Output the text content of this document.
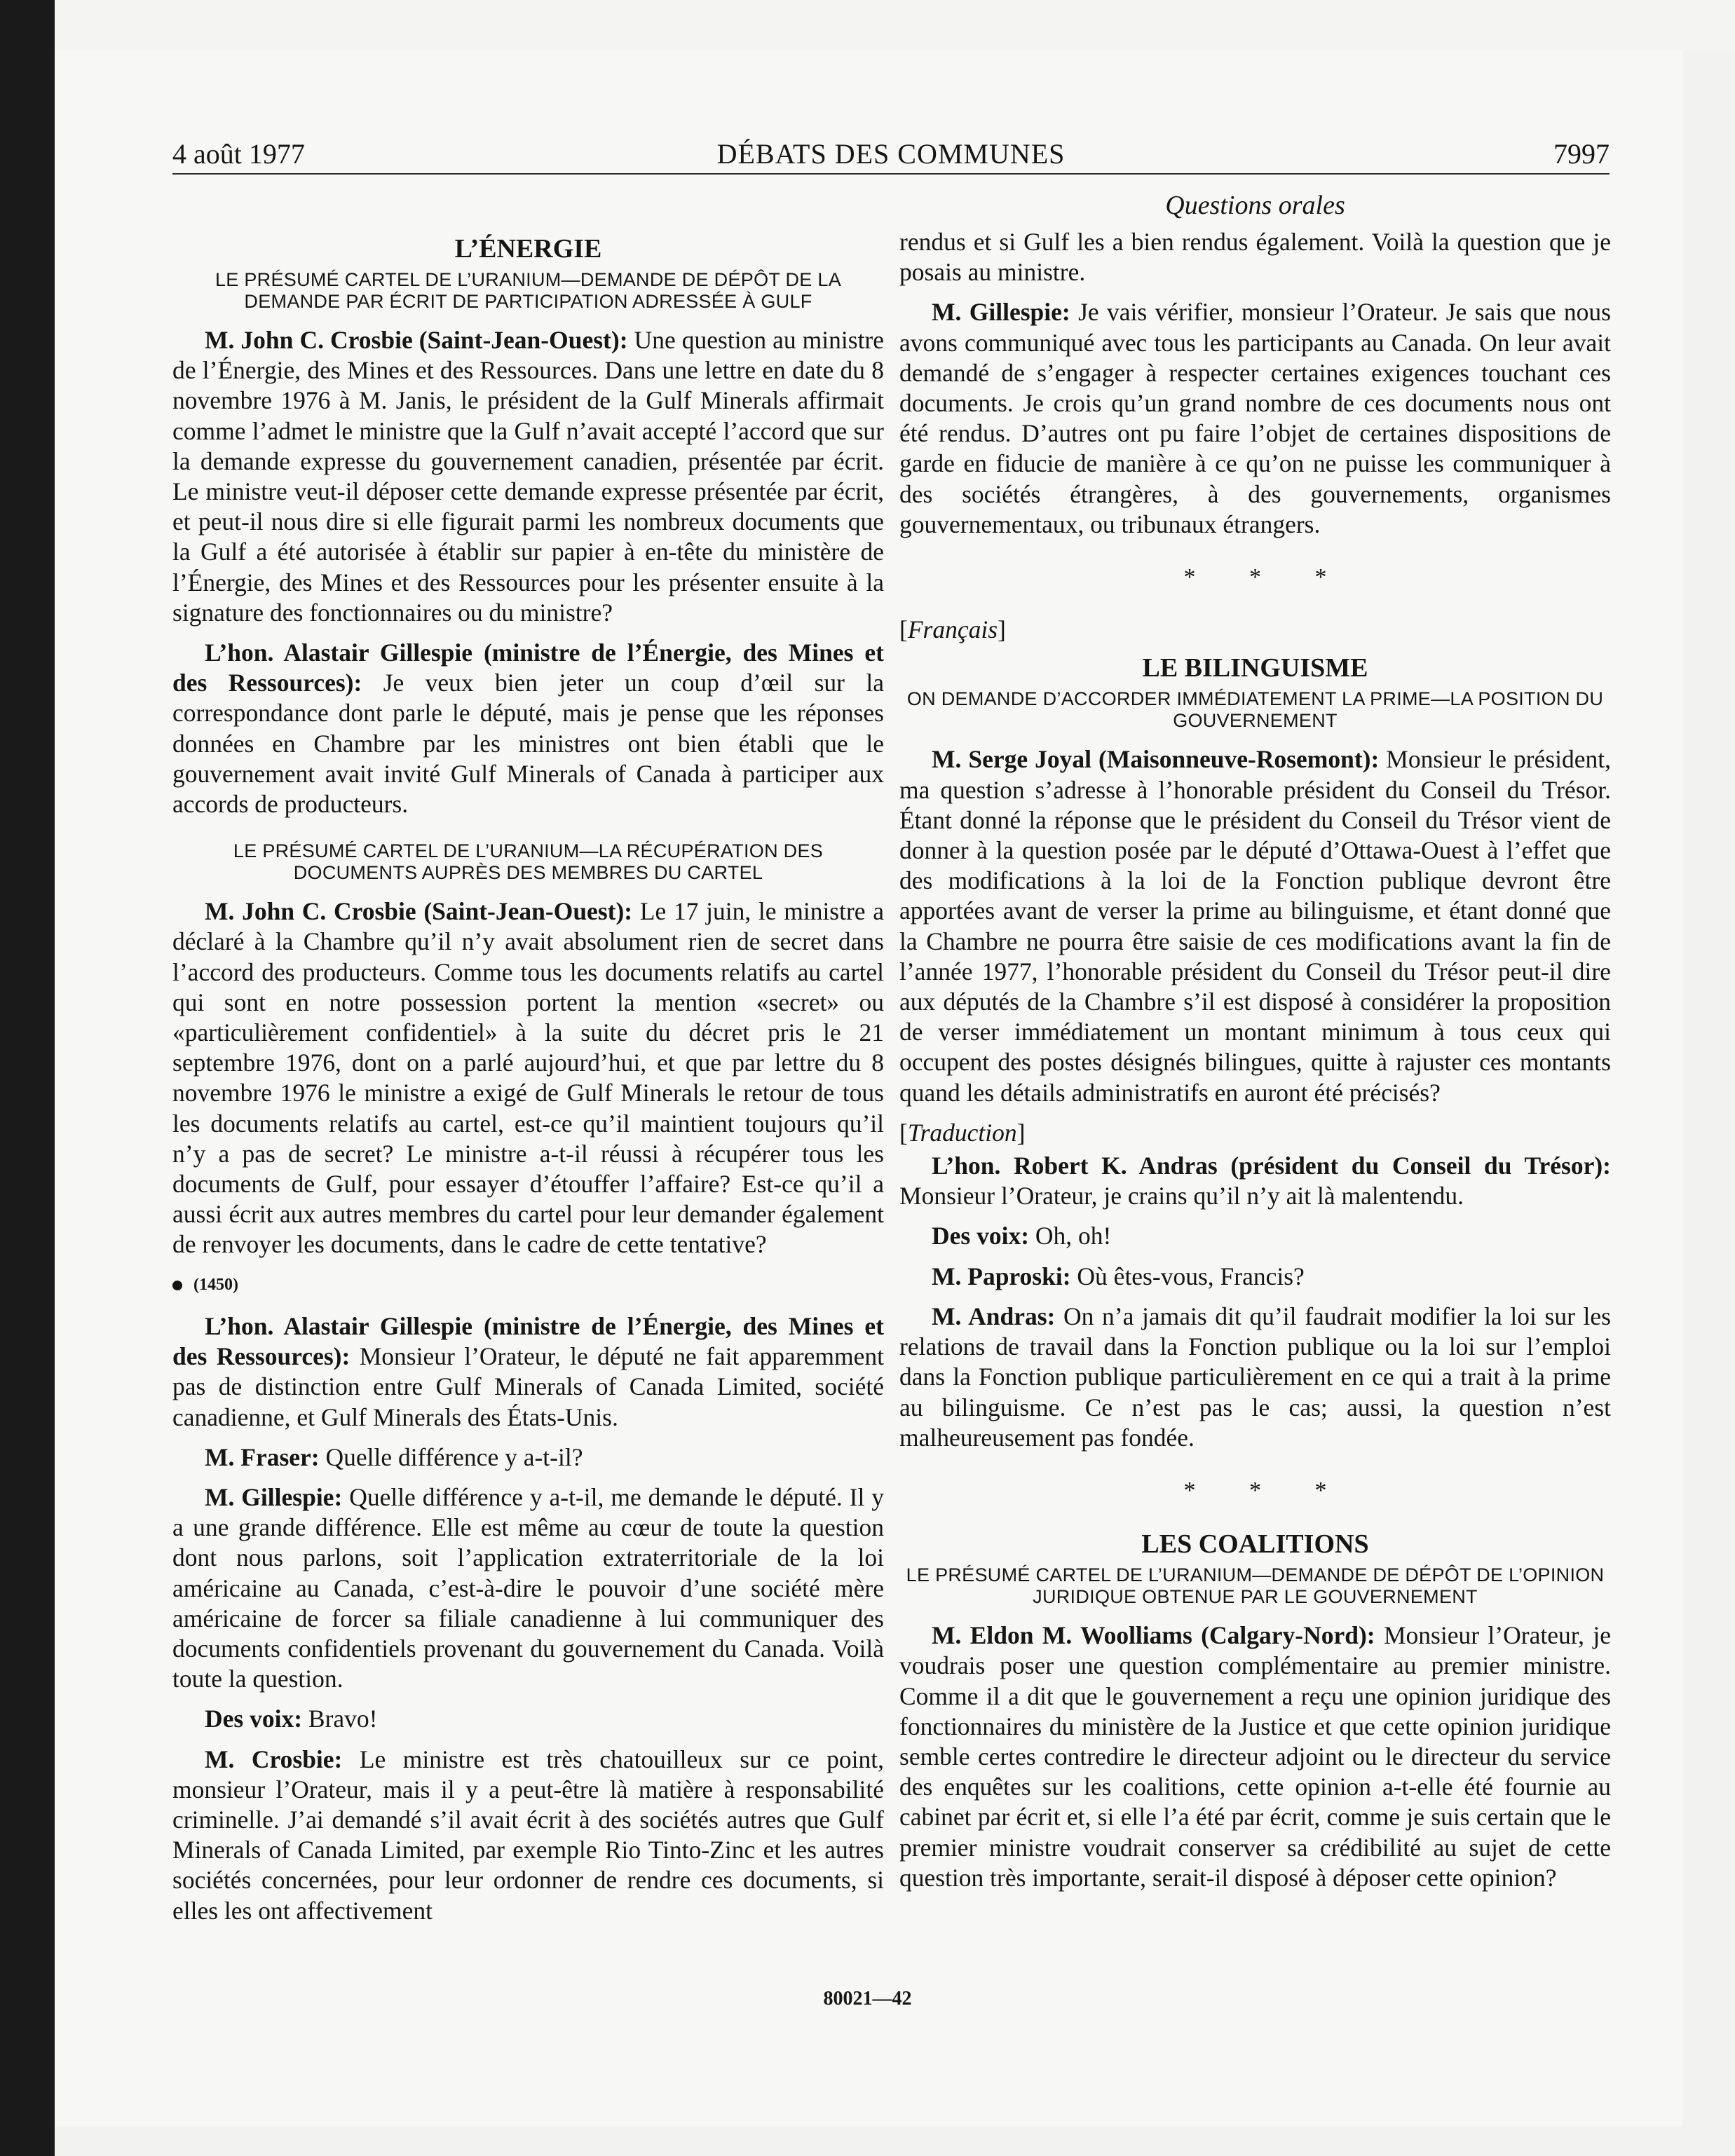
4 août 1977	DÉBATS DES COMMUNES	7997
L’ÉNERGIE
LE PRÉSUMÉ CARTEL DE L’URANIUM—DEMANDE DE DÉPÔT DE LA DEMANDE PAR ÉCRIT DE PARTICIPATION ADRESSÉE À GULF

M. John C. Crosbie (Saint-Jean-Ouest): Une question au ministre de l’Énergie, des Mines et des Ressources. Dans une lettre en date du 8 novembre 1976 à M. Janis, le président de la Gulf Minerals affirmait comme l’admet le ministre que la Gulf n’avait accepté l’accord que sur la demande expresse du gouvernement canadien, présentée par écrit. Le ministre veut-il déposer cette demande expresse présentée par écrit, et peut-il nous dire si elle figurait parmi les nombreux documents que la Gulf a été autorisée à établir sur papier à en-tête du ministère de l’Énergie, des Mines et des Ressources pour les présenter ensuite à la signature des fonctionnaires ou du ministre?

L’hon. Alastair Gillespie (ministre de l’Énergie, des Mines et des Ressources): Je veux bien jeter un coup d’œil sur la correspondance dont parle le député, mais je pense que les réponses données en Chambre par les ministres ont bien établi que le gouvernement avait invité Gulf Minerals of Canada à participer aux accords de producteurs.

LE PRÉSUMÉ CARTEL DE L’URANIUM—LA RÉCUPÉRATION DES DOCUMENTS AUPRÈS DES MEMBRES DU CARTEL

M. John C. Crosbie (Saint-Jean-Ouest): Le 17 juin, le ministre a déclaré à la Chambre qu’il n’y avait absolument rien de secret dans l’accord des producteurs. Comme tous les documents relatifs au cartel qui sont en notre possession portent la mention «secret» ou «particulièrement confidentiel» à la suite du décret pris le 21 septembre 1976, dont on a parlé aujourd’hui, et que par lettre du 8 novembre 1976 le ministre a exigé de Gulf Minerals le retour de tous les documents relatifs au cartel, est-ce qu’il maintient toujours qu’il n’y a pas de secret? Le ministre a-t-il réussi à récupérer tous les documents de Gulf, pour essayer d’étouffer l’affaire? Est-ce qu’il a aussi écrit aux autres membres du cartel pour leur demander également de renvoyer les documents, dans le cadre de cette tentative?

(1450)

L’hon. Alastair Gillespie (ministre de l’Énergie, des Mines et des Ressources): Monsieur l’Orateur, le député ne fait apparemment pas de distinction entre Gulf Minerals of Canada Limited, société canadienne, et Gulf Minerals des États-Unis.

M. Fraser: Quelle différence y a-t-il?

M. Gillespie: Quelle différence y a-t-il, me demande le député. Il y a une grande différence. Elle est même au cœur de toute la question dont nous parlons, soit l’application extraterritoriale de la loi américaine au Canada, c’est-à-dire le pouvoir d’une société mère américaine de forcer sa filiale canadienne à lui communiquer des documents confidentiels provenant du gouvernement du Canada. Voilà toute la question.

Des voix: Bravo!

M. Crosbie: Le ministre est très chatouilleux sur ce point, monsieur l’Orateur, mais il y a peut-être là matière à responsabilité criminelle. J’ai demandé s’il avait écrit à des sociétés autres que Gulf Minerals of Canada Limited, par exemple Rio Tinto-Zinc et les autres sociétés concernées, pour leur ordonner de rendre ces documents, si elles les ont affectivement

Questions orales

rendus et si Gulf les a bien rendus également. Voilà la question que je posais au ministre.

M. Gillespie: Je vais vérifier, monsieur l’Orateur. Je sais que nous avons communiqué avec tous les participants au Canada. On leur avait demandé de s’engager à respecter certaines exigences touchant ces documents. Je crois qu’un grand nombre de ces documents nous ont été rendus. D’autres ont pu faire l’objet de certaines dispositions de garde en fiducie de manière à ce qu’on ne puisse les communiquer à des sociétés étrangères, à des gouvernements, organismes gouvernementaux, ou tribunaux étrangers.

* * *

[ Français ]

LE BILINGUISME
ON DEMANDE D’ACCORDER IMMÉDIATEMENT LA PRIME—LA POSITION DU GOUVERNEMENT

M. Serge Joyal (Maisonneuve-Rosemont): Monsieur le président, ma question s’adresse à l’honorable président du Conseil du Trésor. Étant donné la réponse que le président du Conseil du Trésor vient de donner à la question posée par le député d’Ottawa-Ouest à l’effet que des modifications à la loi de la Fonction publique devront être apportées avant de verser la prime au bilinguisme, et étant donné que la Chambre ne pourra être saisie de ces modifications avant la fin de l’année 1977, l’honorable président du Conseil du Trésor peut-il dire aux députés de la Chambre s’il est disposé à considérer la proposition de verser immédiatement un montant minimum à tous ceux qui occupent des postes désignés bilingues, quitte à rajuster ces montants quand les détails administratifs en auront été précisés?

[ Traduction ]

L’hon. Robert K. Andras (président du Conseil du Trésor): Monsieur l’Orateur, je crains qu’il n’y ait là malentendu.

Des voix: Oh, oh!

M. Paproski: Où êtes-vous, Francis?

M. Andras: On n’a jamais dit qu’il faudrait modifier la loi sur les relations de travail dans la Fonction publique ou la loi sur l’emploi dans la Fonction publique particulièrement en ce qui a trait à la prime au bilinguisme. Ce n’est pas le cas; aussi, la question n’est malheureusement pas fondée.

* * *
LES COALITIONS
LE PRÉSUMÉ CARTEL DE L’URANIUM—DEMANDE DE DÉPÔT DE L’OPINION JURIDIQUE OBTENUE PAR LE GOUVERNEMENT

M. Eldon M. Woolliams (Calgary-Nord): Monsieur l’Orateur, je voudrais poser une question complémentaire au premier ministre. Comme il a dit que le gouvernement a reçu une opinion juridique des fonctionnaires du ministère de la Justice et que cette opinion juridique semble certes contredire le directeur adjoint ou le directeur du service des enquêtes sur les coalitions, cette opinion a-t-elle été fournie au cabinet par écrit et, si elle l’a été par écrit, comme je suis certain que le premier ministre voudrait conserver sa crédibilité au sujet de cette question très importante, serait-il disposé à déposer cette opinion?

80021—42
